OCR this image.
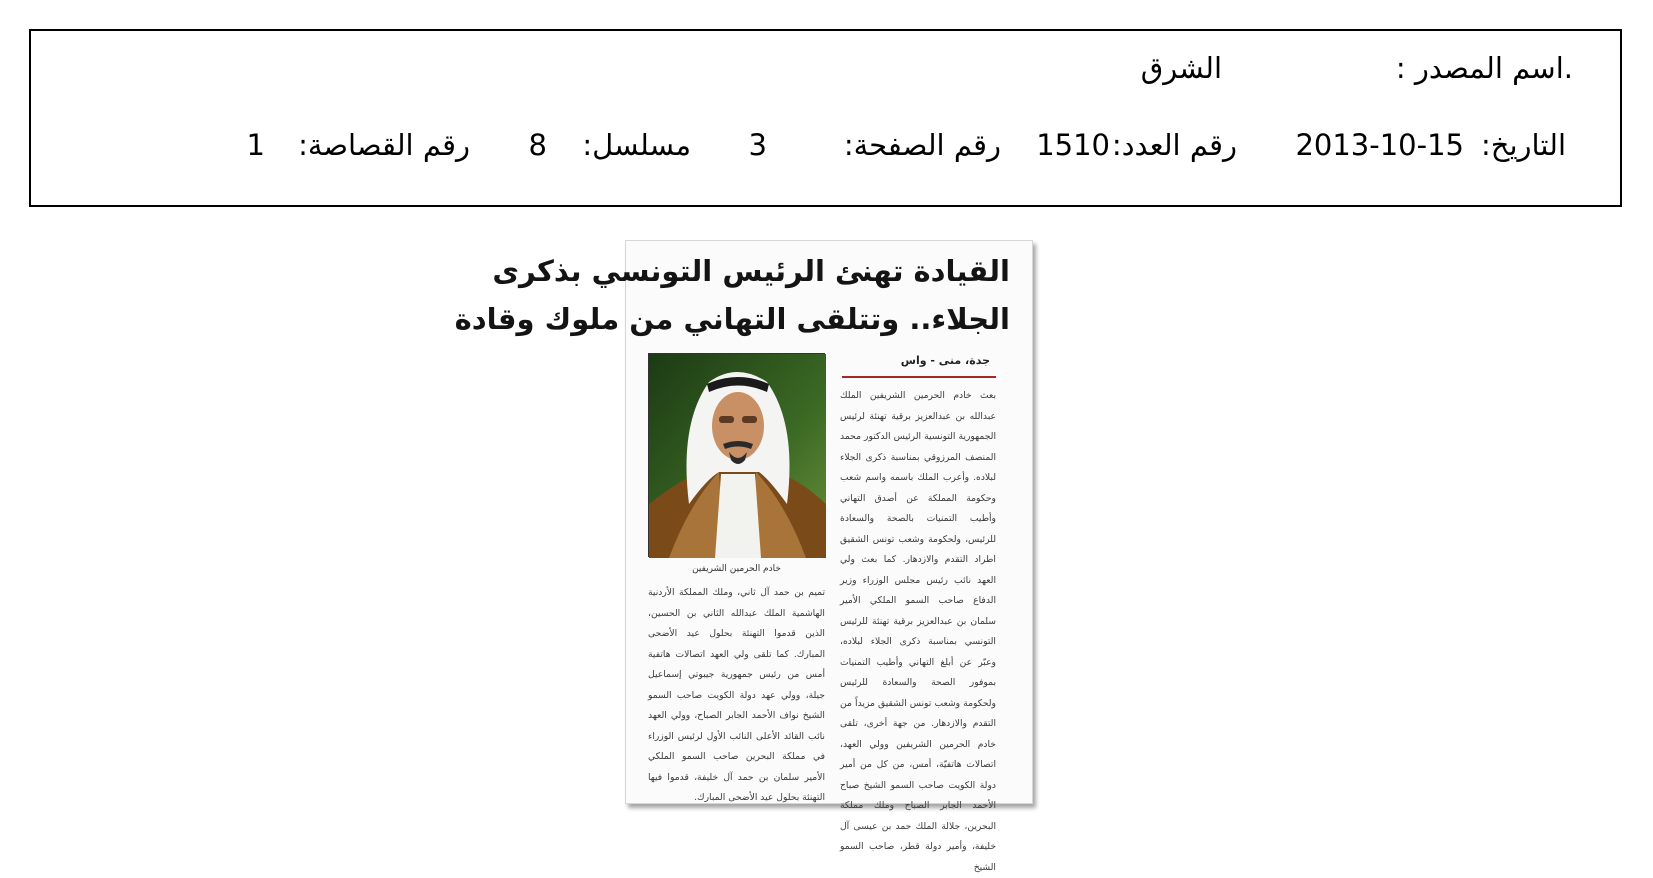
.اسم المصدر :
الشرق
التاريخ:
2013-10-15
رقم العدد:
1510
رقم الصفحة:
3
مسلسل:
8
رقم القصاصة:
1
القيادة تهنئ الرئيس التونسي بذكرى
الجلاء.. وتتلقى التهاني من ملوك وقادة
جدة، منى - واس
بعث خادم الحرمين الشريفين الملك عبدالله بن عبدالعزيز برقية تهنئة لرئيس الجمهورية التونسية الرئيس الدكتور محمد المنصف المرزوقي بمناسبة ذكرى الجلاء لبلاده. وأعرب الملك باسمه واسم شعب وحكومة المملكة عن أصدق التهاني وأطيب التمنيات بالصحة والسعادة للرئيس، ولحكومة وشعب تونس الشقيق اطراد التقدم والازدهار. كما بعث ولي العهد نائب رئيس مجلس الوزراء وزير الدفاع صاحب السمو الملكي الأمير سلمان بن عبدالعزيز برقية تهنئة للرئيس التونسي بمناسبة ذكرى الجلاء لبلاده، وعبّر عن أبلغ التهاني وأطيب التمنيات بموفور الصحة والسعادة للرئيس ولحكومة وشعب تونس الشقيق مزيداً من التقدم والازدهار. من جهة أخرى، تلقى خادم الحرمين الشريفين وولي العهد، اتصالات هاتفيّة، أمس، من كل من أمير دولة الكويت صاحب السمو الشيخ صباح الأحمد الجابر الصباح وملك مملكة البحرين، جلالة الملك حمد بن عيسى آل خليفة، وأمير دولة قطر، صاحب السمو الشيخ
خادم الحرمين الشريفين
تميم بن حمد آل ثاني، وملك المملكة الأردنية الهاشمية الملك عبدالله الثاني بن الحسين، الذين قدموا التهنئة بحلول عيد الأضحى المبارك. كما تلقى ولي العهد اتصالات هاتفية أمس من رئيس جمهورية جيبوتي إسماعيل جيلة، وولي عهد دولة الكويت صاحب السمو الشيخ نواف الأحمد الجابر الصباح، وولي العهد نائب القائد الأعلى النائب الأول لرئيس الوزراء في مملكة البحرين صاحب السمو الملكي الأمير سلمان بن حمد آل خليفة، قدموا فيها التهنئة بحلول عيد الأضحى المبارك.
